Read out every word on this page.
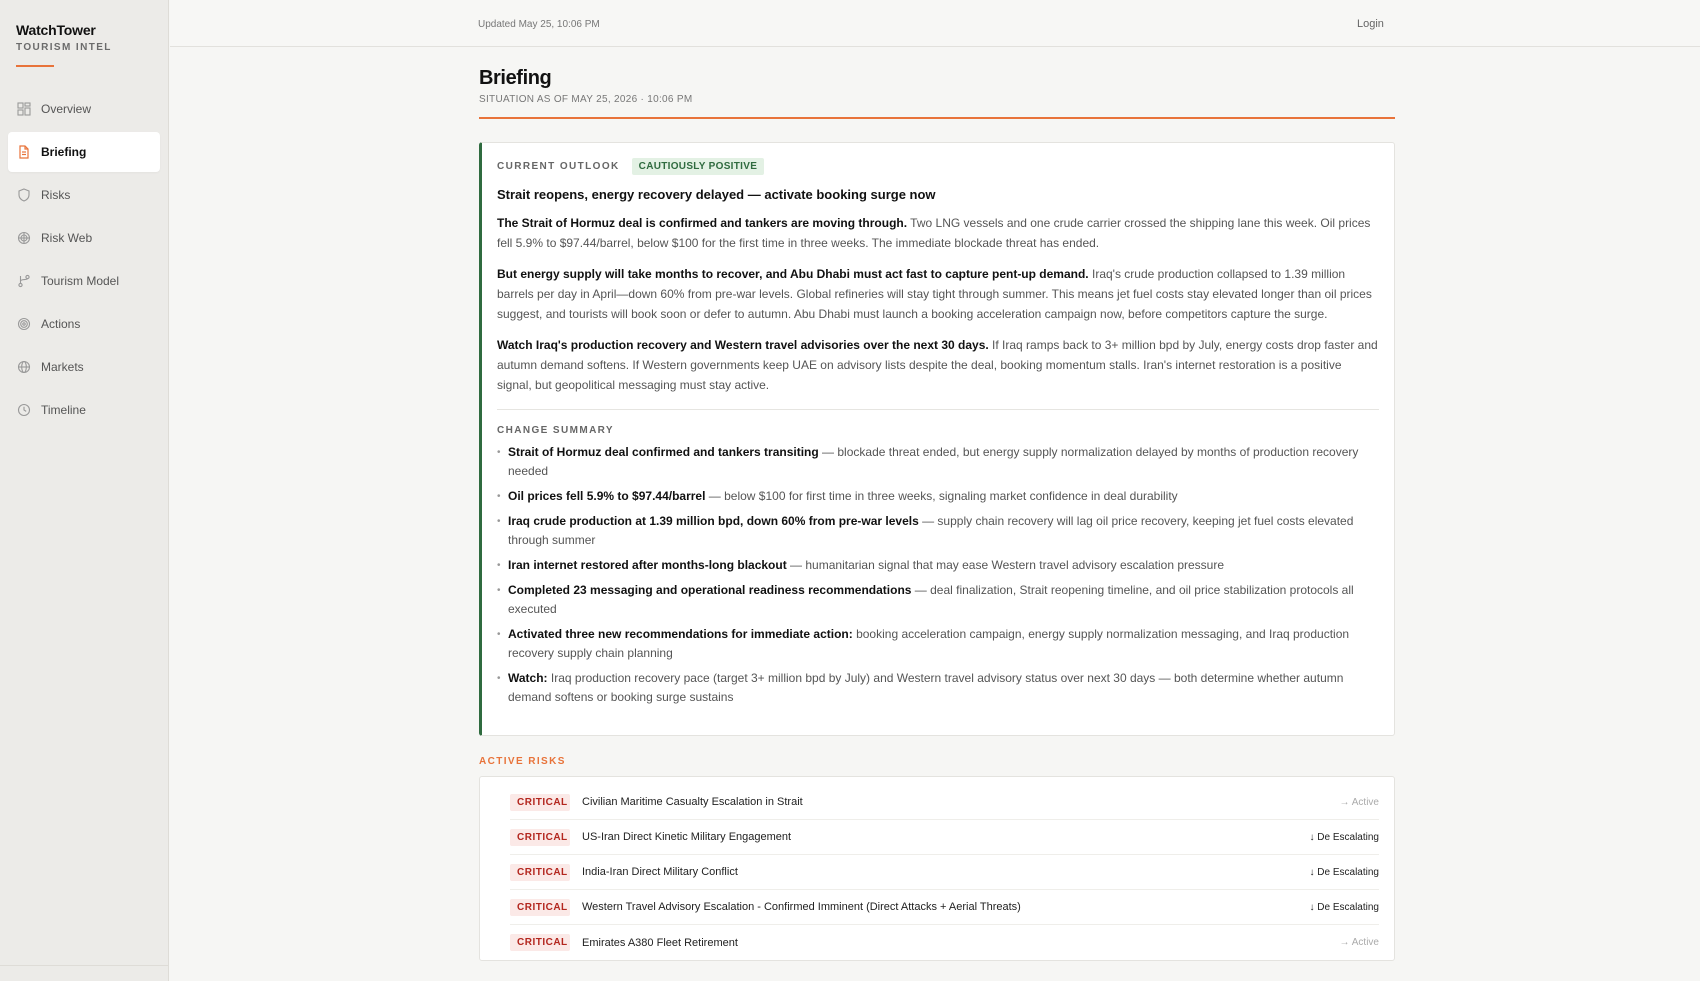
WatchTower
TOURISM INTEL
Overview
Briefing
Risks
Risk Web
Tourism Model
Actions
Markets
Timeline
Updated May 25, 10:06 PM	Login
Briefing
SITUATION AS OF MAY 25, 2026 · 10:06 PM
CURRENT OUTLOOK	CAUTIOUSLY POSITIVE
Strait reopens, energy recovery delayed — activate booking surge now

The Strait of Hormuz deal is confirmed and tankers are moving through. Two LNG vessels and one crude carrier crossed the shipping lane this week. Oil prices fell 5.9% to $97.44/barrel, below $100 for the first time in three weeks. The immediate blockade threat has ended.

But energy supply will take months to recover, and Abu Dhabi must act fast to capture pent-up demand. Iraq's crude production collapsed to 1.39 million barrels per day in April—down 60% from pre-war levels. Global refineries will stay tight through summer. This means jet fuel costs stay elevated longer than oil prices suggest, and tourists will book soon or defer to autumn. Abu Dhabi must launch a booking acceleration campaign now, before competitors capture the surge.

Watch Iraq's production recovery and Western travel advisories over the next 30 days. If Iraq ramps back to 3+ million bpd by July, energy costs drop faster and autumn demand softens. If Western governments keep UAE on advisory lists despite the deal, booking momentum stalls. Iran's internet restoration is a positive signal, but geopolitical messaging must stay active.

CHANGE SUMMARY
• Strait of Hormuz deal confirmed and tankers transiting — blockade threat ended, but energy supply normalization delayed by months of production recovery needed
• Oil prices fell 5.9% to $97.44/barrel — below $100 for first time in three weeks, signaling market confidence in deal durability
• Iraq crude production at 1.39 million bpd, down 60% from pre-war levels — supply chain recovery will lag oil price recovery, keeping jet fuel costs elevated through summer
• Iran internet restored after months-long blackout — humanitarian signal that may ease Western travel advisory escalation pressure
• Completed 23 messaging and operational readiness recommendations — deal finalization, Strait reopening timeline, and oil price stabilization protocols all executed
• Activated three new recommendations for immediate action: booking acceleration campaign, energy supply normalization messaging, and Iraq production recovery supply chain planning
• Watch: Iraq production recovery pace (target 3+ million bpd by July) and Western travel advisory status over next 30 days — both determine whether autumn demand softens or booking surge sustains
ACTIVE RISKS
CRITICAL Civilian Maritime Casualty Escalation in Strait	→ Active
CRITICAL US-Iran Direct Kinetic Military Engagement	↓ De Escalating
CRITICAL India-Iran Direct Military Conflict	↓ De Escalating
CRITICAL Western Travel Advisory Escalation - Confirmed Imminent (Direct Attacks + Aerial Threats)	↓ De Escalating
CRITICAL Emirates A380 Fleet Retirement	→ Active
